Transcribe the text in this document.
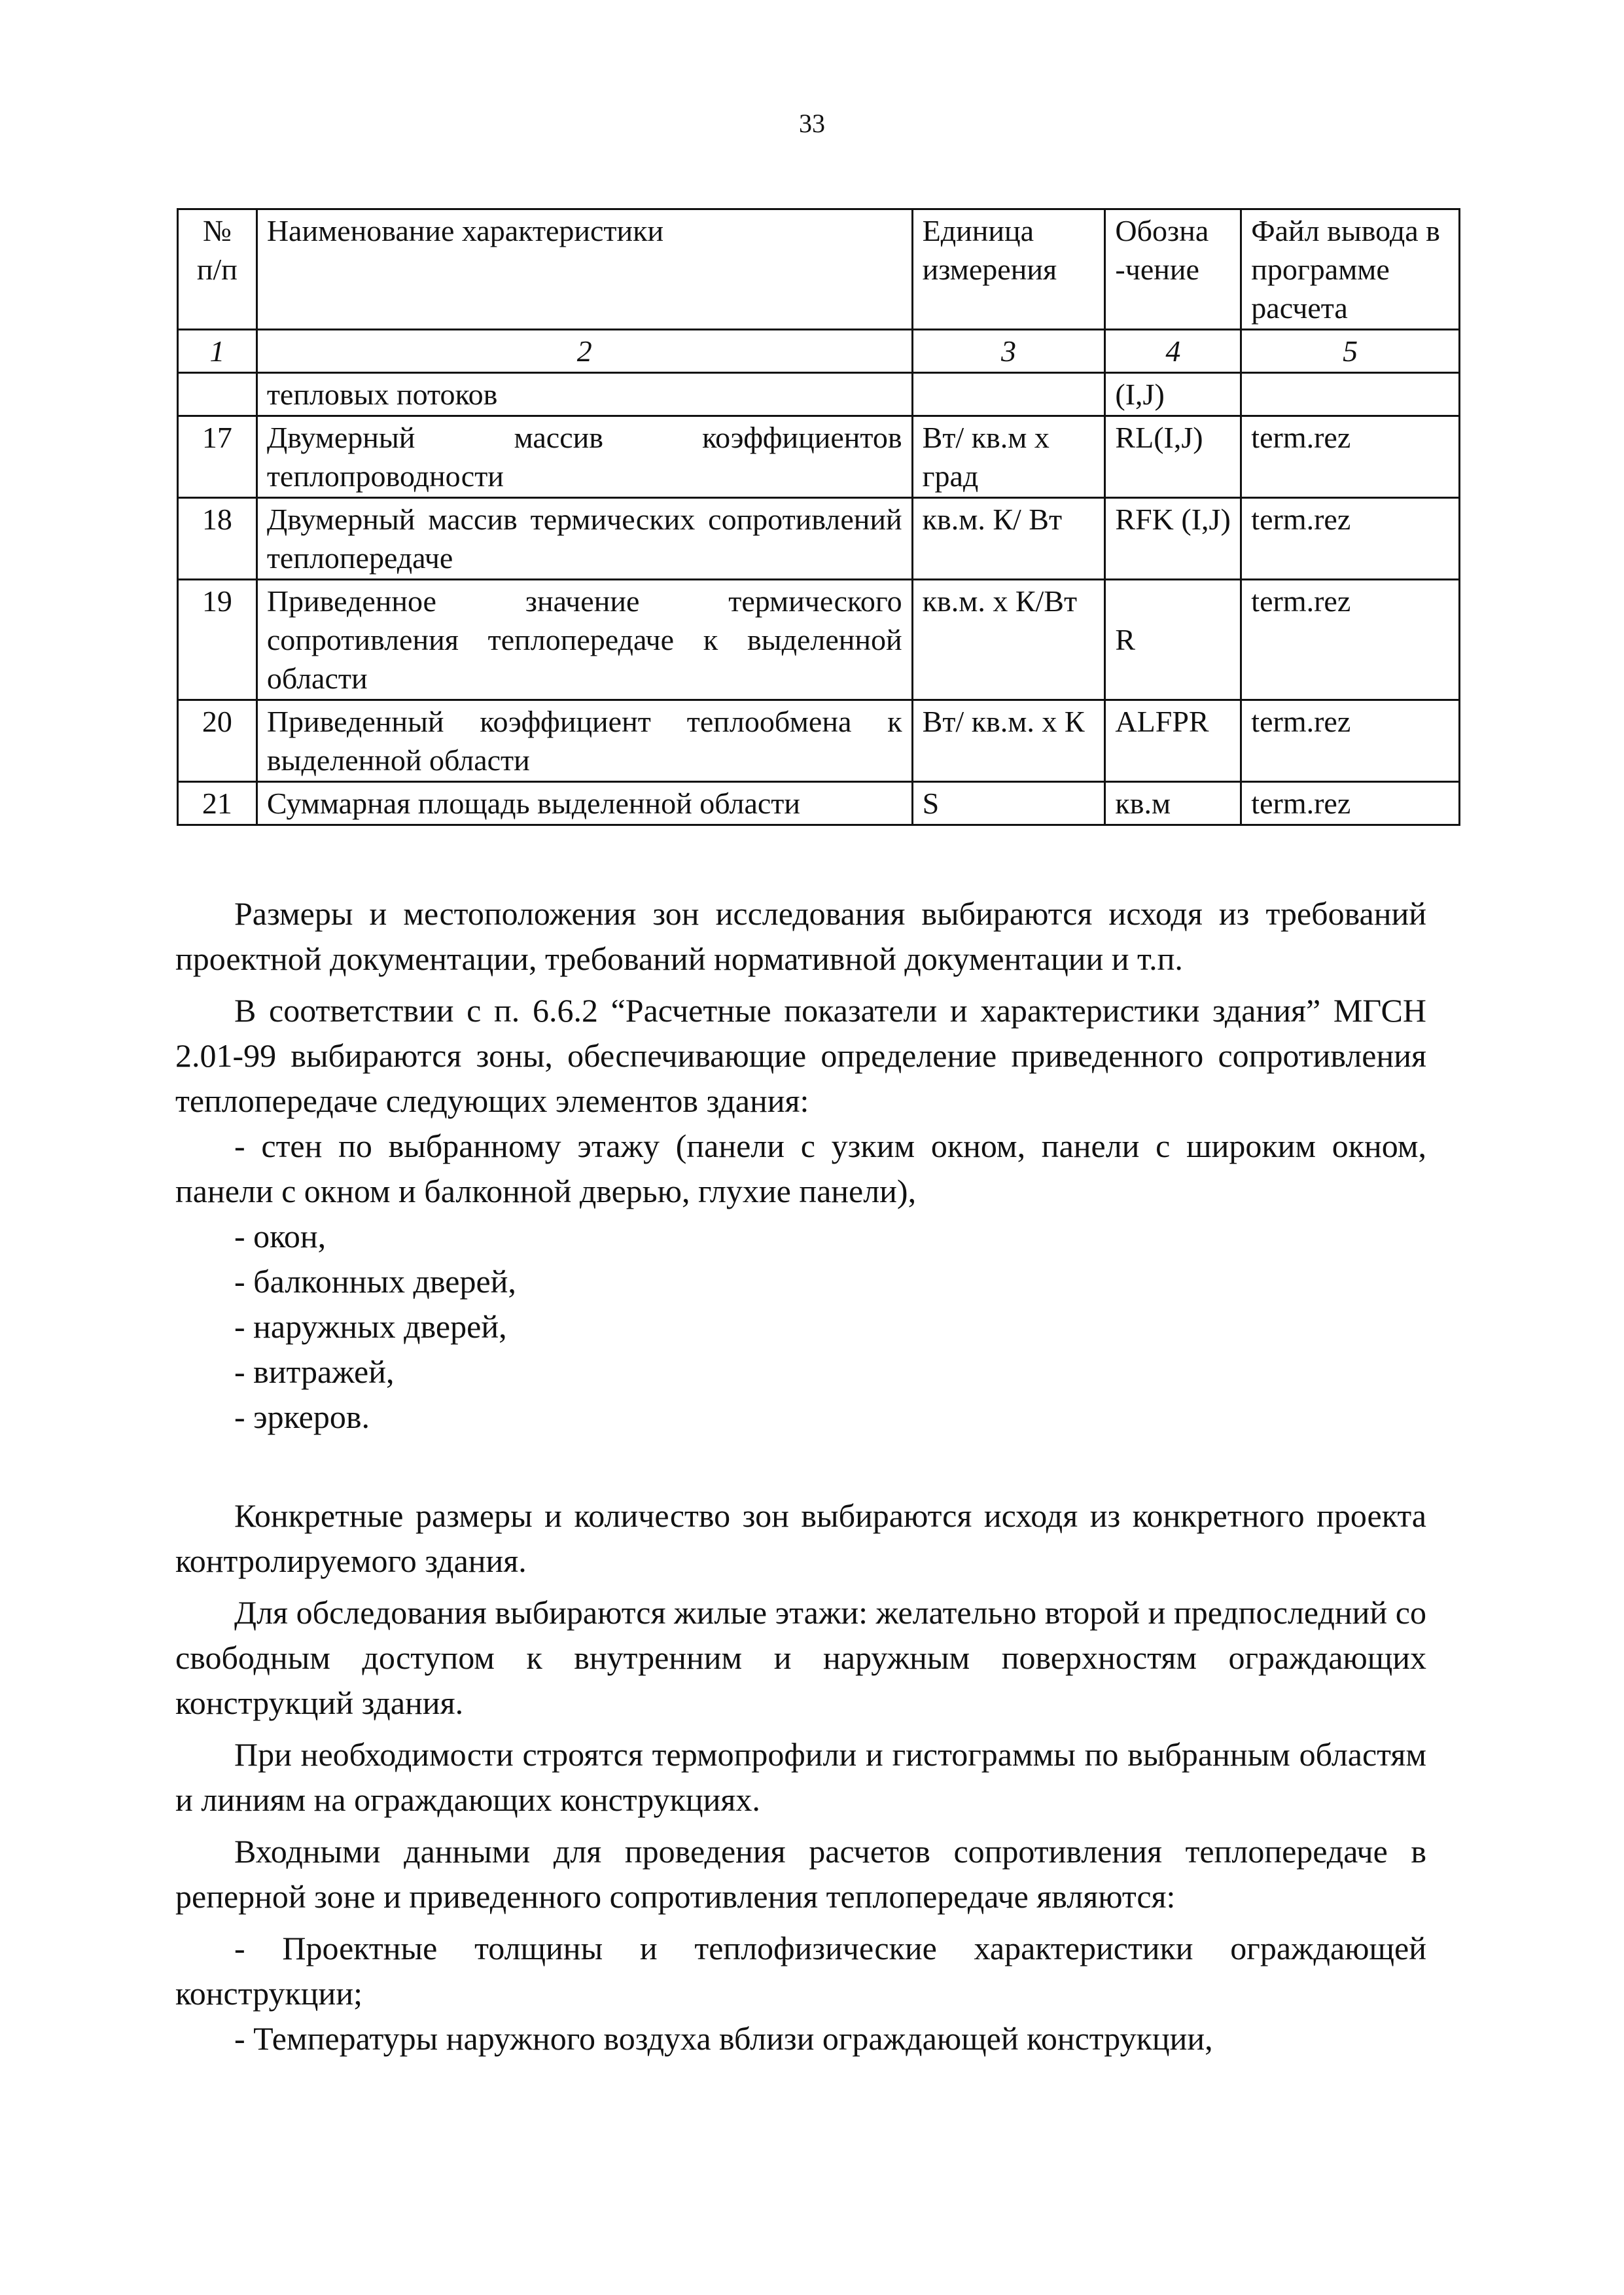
33
№ п/п	Наименование характеристики	Единица измерения	Обозна -чение	Файл вывода в программе расчета
1	2	3	4	5
	тепловых потоков		(I,J)	
17	Двумерный массив коэффициентов теплопроводности	Вт/ кв.м х град	RL(I,J)	term.rez
18	Двумерный массив термических сопротивлений теплопередаче	кв.м. К/ Вт	RFK (I,J)	term.rez
19	Приведенное значение термического сопротивления теплопередаче к выделенной области	кв.м. х К/Вт	R	term.rez
20	Приведенный коэффициент теплообмена к выделенной области	Вт/ кв.м. х К	ALFPR	term.rez
21	Суммарная площадь выделенной области	S	кв.м	term.rez

Размеры и местоположения зон исследования выбираются исходя из требований проектной документации, требований нормативной документации и т.п.

В соответствии с п. 6.6.2 “Расчетные показатели и характеристики здания” МГСН 2.01-99 выбираются зоны, обеспечивающие определение приведенного сопротивления теплопередаче следующих элементов здания:

- стен по выбранному этажу (панели с узким окном, панели с широким окном, панели с окном и балконной дверью, глухие панели),

- окон,

- балконных дверей,

- наружных дверей,

- витражей,

- эркеров.

Конкретные размеры и количество зон выбираются исходя из конкретного проекта контролируемого здания.

Для обследования выбираются жилые этажи: желательно второй и предпоследний со свободным доступом к внутренним и наружным поверхностям ограждающих конструкций здания.

При необходимости строятся термопрофили и гистограммы по выбранным областям и линиям на ограждающих конструкциях.

Входными данными для проведения расчетов сопротивления теплопередаче в реперной зоне и приведенного сопротивления теплопередаче являются:

- Проектные толщины и теплофизические характеристики ограждающей конструкции;

- Температуры наружного воздуха вблизи ограждающей конструкции,
